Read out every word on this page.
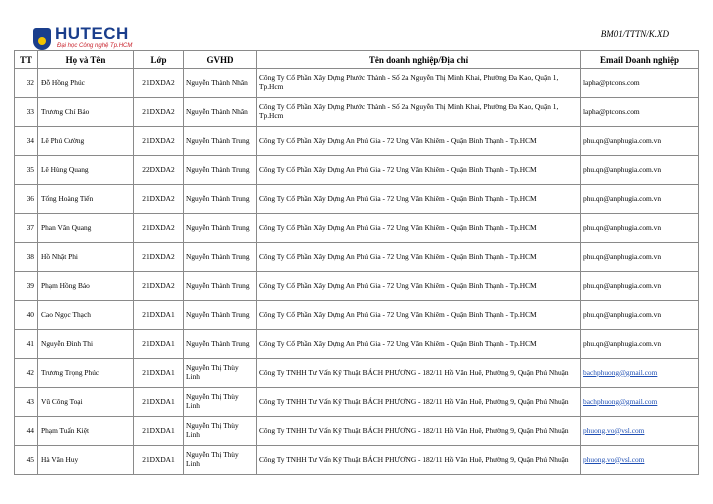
HUTECH
Đại học Công nghệ Tp.HCM
BM01/TTTN/K.XD
TT	Họ và Tên	Lớp	GVHD	Tên doanh nghiệp/Địa chỉ	Email Doanh nghiệp
32	Đỗ Hồng Phúc	21DXDA2	Nguyễn Thành Nhân	Công Ty Cổ Phần Xây Dựng Phước Thành - Số 2a Nguyễn Thị Minh Khai, Phường Đa Kao, Quận 1, Tp.Hcm	lapha@ptcons.com
33	Trương Chí Bảo	21DXDA2	Nguyễn Thành Nhân	Công Ty Cổ Phần Xây Dựng Phước Thành - Số 2a Nguyễn Thị Minh Khai, Phường Đa Kao, Quận 1, Tp.Hcm	lapha@ptcons.com
34	Lê Phú Cường	21DXDA2	Nguyễn Thành Trung	Công Ty Cổ Phần Xây Dựng An Phú Gia - 72 Ung Văn Khiêm - Quận Bình Thạnh - Tp.HCM	phu.qn@anphugia.com.vn
35	Lê Hùng Quang	22DXDA2	Nguyễn Thành Trung	Công Ty Cổ Phần Xây Dựng An Phú Gia - 72 Ung Văn Khiêm - Quận Bình Thạnh - Tp.HCM	phu.qn@anphugia.com.vn
36	Tống Hoàng Tiến	21DXDA2	Nguyễn Thành Trung	Công Ty Cổ Phần Xây Dựng An Phú Gia - 72 Ung Văn Khiêm - Quận Bình Thạnh - Tp.HCM	phu.qn@anphugia.com.vn
37	Phan Văn Quang	21DXDA2	Nguyễn Thành Trung	Công Ty Cổ Phần Xây Dựng An Phú Gia - 72 Ung Văn Khiêm - Quận Bình Thạnh - Tp.HCM	phu.qn@anphugia.com.vn
38	Hồ Nhật Phi	21DXDA2	Nguyễn Thành Trung	Công Ty Cổ Phần Xây Dựng An Phú Gia - 72 Ung Văn Khiêm - Quận Bình Thạnh - Tp.HCM	phu.qn@anphugia.com.vn
39	Phạm Hồng Bảo	21DXDA2	Nguyễn Thành Trung	Công Ty Cổ Phần Xây Dựng An Phú Gia - 72 Ung Văn Khiêm - Quận Bình Thạnh - Tp.HCM	phu.qn@anphugia.com.vn
40	Cao Ngọc Thạch	21DXDA1	Nguyễn Thành Trung	Công Ty Cổ Phần Xây Dựng An Phú Gia - 72 Ung Văn Khiêm - Quận Bình Thạnh - Tp.HCM	phu.qn@anphugia.com.vn
41	Nguyễn Đình Thi	21DXDA1	Nguyễn Thành Trung	Công Ty Cổ Phần Xây Dựng An Phú Gia - 72 Ung Văn Khiêm - Quận Bình Thạnh - Tp.HCM	phu.qn@anphugia.com.vn
42	Trương Trọng Phúc	21DXDA1	Nguyễn Thị Thùy Linh	Công Ty TNHH Tư Vấn Kỹ Thuật BÁCH PHƯƠNG - 182/11 Hồ Văn Huê, Phường 9, Quận Phú Nhuận	bachphuong@gmail.com
43	Vũ Công Toại	21DXDA1	Nguyễn Thị Thùy Linh	Công Ty TNHH Tư Vấn Kỹ Thuật BÁCH PHƯƠNG - 182/11 Hồ Văn Huê, Phường 9, Quận Phú Nhuận	bachphuong@gmail.com
44	Phạm Tuấn Kiệt	21DXDA1	Nguyễn Thị Thùy Linh	Công Ty TNHH Tư Vấn Kỹ Thuật BÁCH PHƯƠNG - 182/11 Hồ Văn Huê, Phường 9, Quận Phú Nhuận	phuong.vo@vsl.com
45	Hà Văn Huy	21DXDA1	Nguyễn Thị Thùy Linh	Công Ty TNHH Tư Vấn Kỹ Thuật BÁCH PHƯƠNG - 182/11 Hồ Văn Huê, Phường 9, Quận Phú Nhuận	phuong.vo@vsl.com
